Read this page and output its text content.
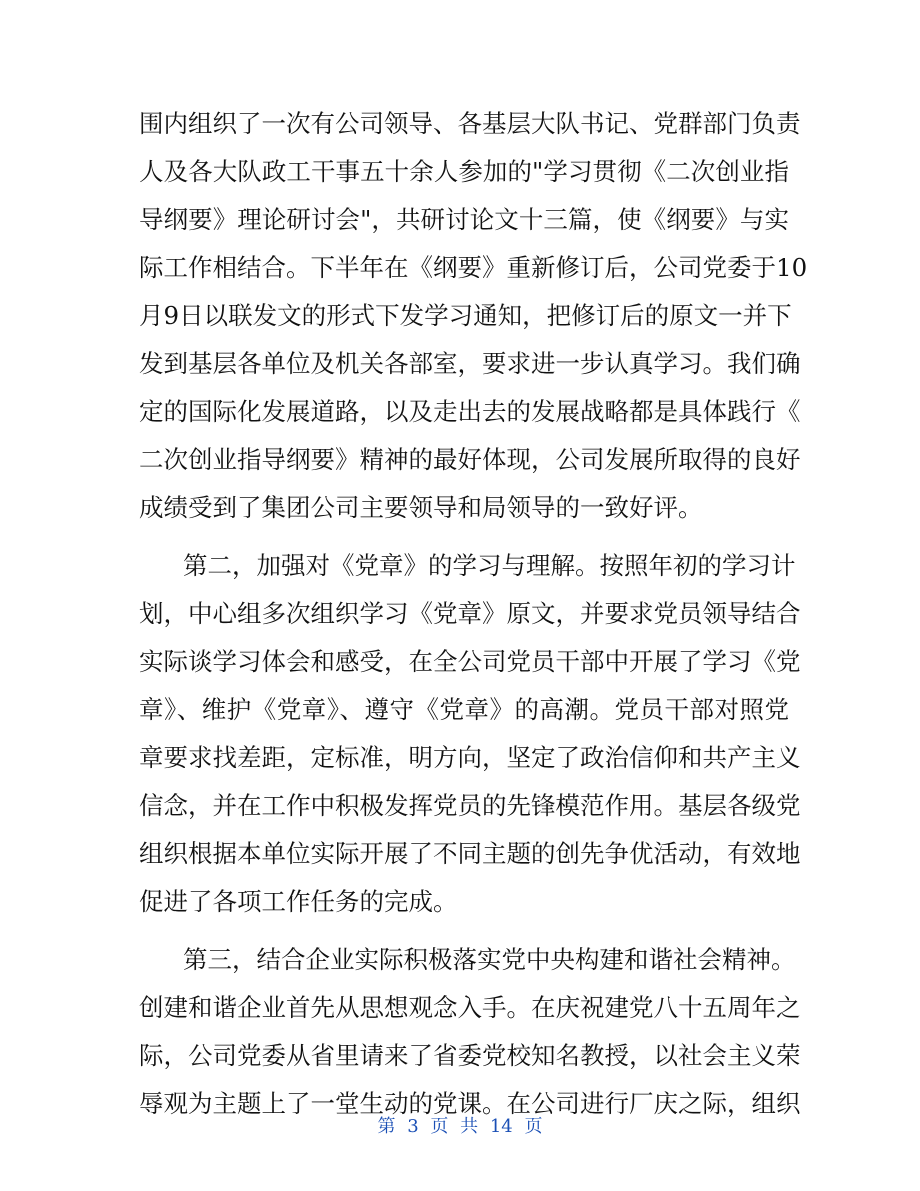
围内组织了一次有公司领导、各基层大队书记、党群部门负责
人及各大队政工干事五十余人参加的"学习贯彻《二次创业指
导纲要》理论研讨会"，共研讨论文十三篇，使《纲要》与实
际工作相结合。下半年在《纲要》重新修订后，公司党委于10
月9日以联发文的形式下发学习通知，把修订后的原文一并下
发到基层各单位及机关各部室，要求进一步认真学习。我们确
定的国际化发展道路，以及走出去的发展战略都是具体践行《
二次创业指导纲要》精神的最好体现，公司发展所取得的良好
成绩受到了集团公司主要领导和局领导的一致好评。
第二，加强对《党章》的学习与理解。按照年初的学习计
划，中心组多次组织学习《党章》原文，并要求党员领导结合
实际谈学习体会和感受，在全公司党员干部中开展了学习《党
章》、维护《党章》、遵守《党章》的高潮。党员干部对照党
章要求找差距，定标准，明方向，坚定了政治信仰和共产主义
信念，并在工作中积极发挥党员的先锋模范作用。基层各级党
组织根据本单位实际开展了不同主题的创先争优活动，有效地
促进了各项工作任务的完成。
第三，结合企业实际积极落实党中央构建和谐社会精神。
创建和谐企业首先从思想观念入手。在庆祝建党八十五周年之
际，公司党委从省里请来了省委党校知名教授，以社会主义荣
辱观为主题上了一堂生动的党课。在公司进行厂庆之际，组织
第 3 页 共 14 页
